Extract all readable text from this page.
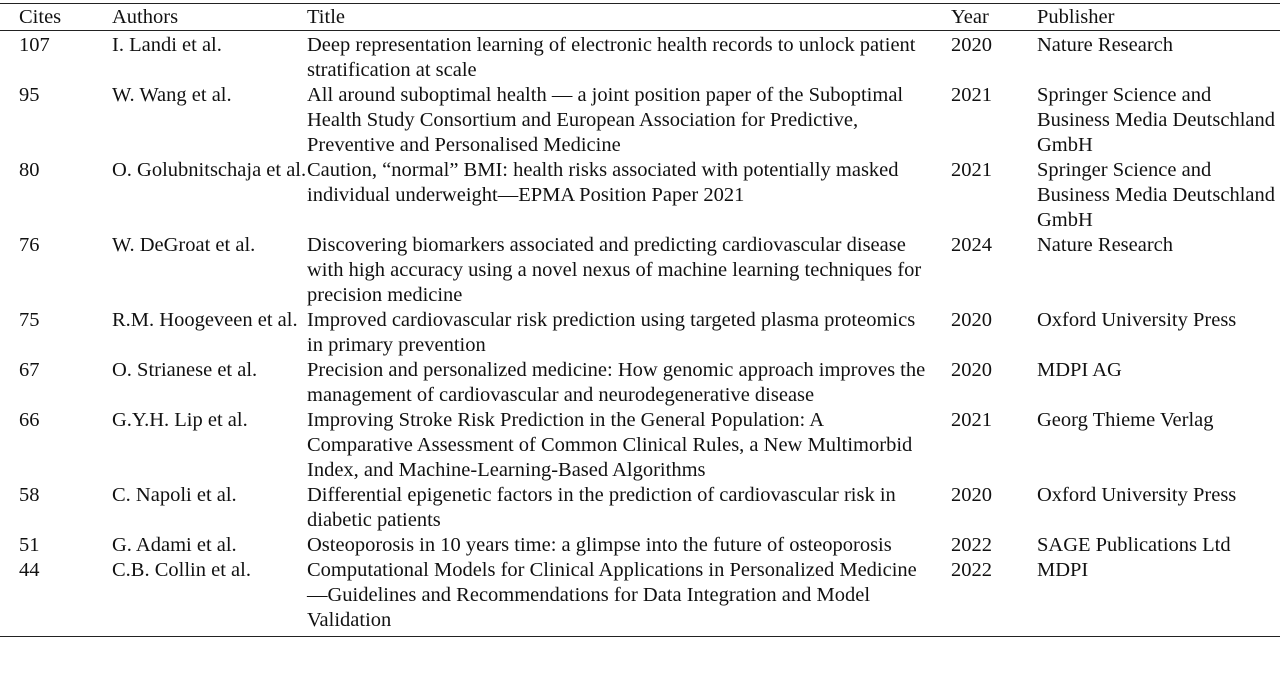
Cites	Authors	Title	Year	Publisher
107	I. Landi et al.	Deep representation learning of electronic health records to unlock patient stratification at scale	2020	Nature Research
95	W. Wang et al.	All around suboptimal health — a joint position paper of the Suboptimal Health Study Consortium and European Association for Predictive, Preventive and Personalised Medicine	2021	Springer Science and Business Media Deutschland GmbH
80	O. Golubnitschaja et al.	Caution, “normal” BMI: health risks associated with potentially masked individual underweight—EPMA Position Paper 2021	2021	Springer Science and Business Media Deutschland GmbH
76	W. DeGroat et al.	Discovering biomarkers associated and predicting cardiovascular disease with high accuracy using a novel nexus of machine learning techniques for precision medicine	2024	Nature Research
75	R.M. Hoogeveen et al.	Improved cardiovascular risk prediction using targeted plasma proteomics in primary prevention	2020	Oxford University Press
67	O. Strianese et al.	Precision and personalized medicine: How genomic approach improves the management of cardiovascular and neurodegenerative disease	2020	MDPI AG
66	G.Y.H. Lip et al.	Improving Stroke Risk Prediction in the General Population: A Comparative Assessment of Common Clinical Rules, a New Multimorbid Index, and Machine-Learning-Based Algorithms	2021	Georg Thieme Verlag
58	C. Napoli et al.	Differential epigenetic factors in the prediction of cardiovascular risk in diabetic patients	2020	Oxford University Press
51	G. Adami et al.	Osteoporosis in 10 years time: a glimpse into the future of osteoporosis	2022	SAGE Publications Ltd
44	C.B. Collin et al.	Computational Models for Clinical Applications in Personalized Medicine—Guidelines and Recommendations for Data Integration and Model Validation	2022	MDPI
